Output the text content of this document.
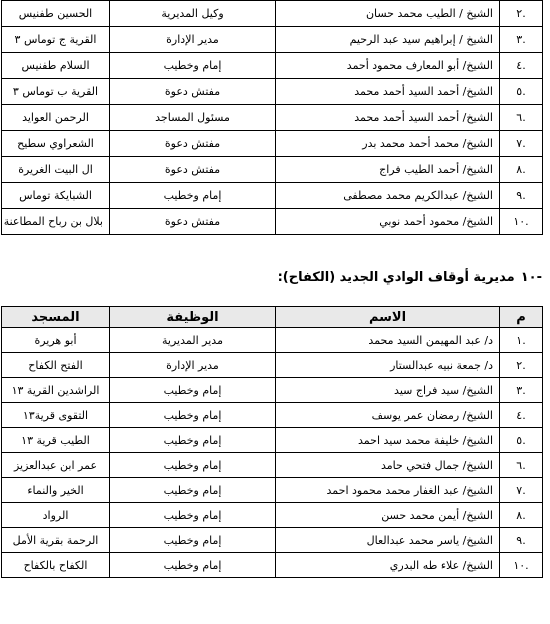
.٢	الشيخ / الطيب محمد حسان	وكيل المديرية	الحسين طفنيس
.٣	الشيخ / إبراهيم سيد عبد الرحيم	مدير الإدارة	القرية ج توماس ٣
.٤	الشيخ/ أبو المعارف محمود أحمد	إمام وخطيب	السلام طفنيس
.٥	الشيخ/ أحمد السيد أحمد محمد	مفتش دعوة	القرية ب توماس ٣
.٦	الشيخ/ أحمد السيد أحمد محمد	مسئول المساجد	الرحمن العوايد
.٧	الشيخ/ محمد أحمد محمد بدر	مفتش دعوة	الشعراوي سطيح
.٨	الشيخ/ أحمد الطيب فراج	مفتش دعوة	ال البيت الغريرة
.٩	الشيخ/ عبدالكريم محمد مصطفى	إمام وخطيب	الشبايكة توماس
.١٠	الشيخ/ محمود أحمد نوبي	مفتش دعوة	بلال بن رباح المطاعنة
-١٠
مديرية أوقاف الوادي الجديد (الكفاح):
م	الاسم	الوظيفة	المسجد
.١	د/ عبد المهيمن السيد محمد	مدير المديرية	أبو هريرة
.٢	د/ جمعة نبيه عبدالستار	مدير الإدارة	الفتح الكفاح
.٣	الشيخ/ سيد فراج سيد	إمام وخطيب	الراشدين القرية ١٣
.٤	الشيخ/ رمضان عمر يوسف	إمام وخطيب	التقوى قرية١٣
.٥	الشيخ/ خليفة محمد سيد احمد	إمام وخطيب	الطيب قرية ١٣
.٦	الشيخ/ جمال فتحي حامد	إمام وخطيب	عمر ابن عبدالعزيز
.٧	الشيخ/ عبد الغفار محمد محمود احمد	إمام وخطيب	الخير والنماء
.٨	الشيخ/ أيمن محمد حسن	إمام وخطيب	الرواد
.٩	الشيخ/ ياسر محمد عبدالعال	إمام وخطيب	الرحمة بقرية الأمل
.١٠	الشيخ/ علاء طه البدري	إمام وخطيب	الكفاح بالكفاح
